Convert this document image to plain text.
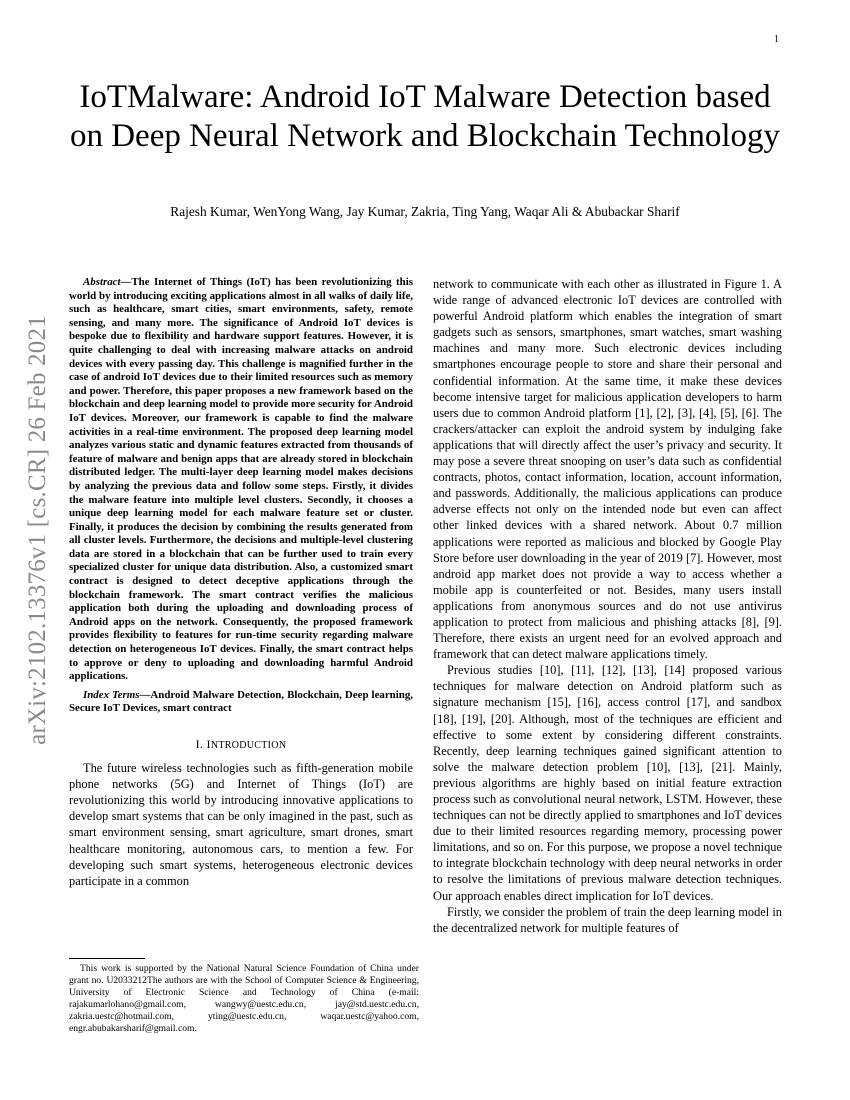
1
arXiv:2102.13376v1 [cs.CR] 26 Feb 2021
IoTMalware: Android IoT Malware Detection based on Deep Neural Network and Blockchain Technology
Rajesh Kumar, WenYong Wang, Jay Kumar, Zakria, Ting Yang, Waqar Ali & Abubackar Sharif

Abstract—The Internet of Things (IoT) has been revolutionizing this world by introducing exciting applications almost in all walks of daily life, such as healthcare, smart cities, smart environments, safety, remote sensing, and many more. The significance of Android IoT devices is bespoke due to flexibility and hardware support features. However, it is quite challenging to deal with increasing malware attacks on android devices with every passing day. This challenge is magnified further in the case of android IoT devices due to their limited resources such as memory and power. Therefore, this paper proposes a new framework based on the blockchain and deep learning model to provide more security for Android IoT devices. Moreover, our framework is capable to find the malware activities in a real-time environment. The proposed deep learning model analyzes various static and dynamic features extracted from thousands of feature of malware and benign apps that are already stored in blockchain distributed ledger. The multi-layer deep learning model makes decisions by analyzing the previous data and follow some steps. Firstly, it divides the malware feature into multiple level clusters. Secondly, it chooses a unique deep learning model for each malware feature set or cluster. Finally, it produces the decision by combining the results generated from all cluster levels. Furthermore, the decisions and multiple-level clustering data are stored in a blockchain that can be further used to train every specialized cluster for unique data distribution. Also, a customized smart contract is designed to detect deceptive applications through the blockchain framework. The smart contract verifies the malicious application both during the uploading and downloading process of Android apps on the network. Consequently, the proposed framework provides flexibility to features for run-time security regarding malware detection on heterogeneous IoT devices. Finally, the smart contract helps to approve or deny to uploading and downloading harmful Android applications.

Index Terms—Android Malware Detection, Blockchain, Deep learning, Secure IoT Devices, smart contract

I. INTRODUCTION

The future wireless technologies such as fifth-generation mobile phone networks (5G) and Internet of Things (IoT) are revolutionizing this world by introducing innovative applications to develop smart systems that can be only imagined in the past, such as smart environment sensing, smart agriculture, smart drones, smart healthcare monitoring, autonomous cars, to mention a few. For developing such smart systems, heterogeneous electronic devices participate in a common

This work is supported by the National Natural Science Foundation of China under grant no. U2033212The authors are with the School of Computer Science & Engineering, University of Electronic Science and Technology of China (e-mail: rajakumarlohano@gmail.com, wangwy@uestc.edu.cn, jay@std.uestc.edu.cn, zakria.uestc@hotmail.com, yting@uestc.edu.cn, waqar.uestc@yahoo.com, engr.abubakarsharif@gmail.com.

network to communicate with each other as illustrated in Figure 1. A wide range of advanced electronic IoT devices are controlled with powerful Android platform which enables the integration of smart gadgets such as sensors, smartphones, smart watches, smart washing machines and many more. Such electronic devices including smartphones encourage people to store and share their personal and confidential information. At the same time, it make these devices become intensive target for malicious application developers to harm users due to common Android platform [1], [2], [3], [4], [5], [6]. The crackers/attacker can exploit the android system by indulging fake applications that will directly affect the user’s privacy and security. It may pose a severe threat snooping on user’s data such as confidential contracts, photos, contact information, location, account information, and passwords. Additionally, the malicious applications can produce adverse effects not only on the intended node but even can affect other linked devices with a shared network. About 0.7 million applications were reported as malicious and blocked by Google Play Store before user downloading in the year of 2019 [7]. However, most android app market does not provide a way to access whether a mobile app is counterfeited or not. Besides, many users install applications from anonymous sources and do not use antivirus application to protect from malicious and phishing attacks [8], [9]. Therefore, there exists an urgent need for an evolved approach and framework that can detect malware applications timely.

Previous studies [10], [11], [12], [13], [14] proposed various techniques for malware detection on Android platform such as signature mechanism [15], [16], access control [17], and sandbox [18], [19], [20]. Although, most of the techniques are efficient and effective to some extent by considering different constraints. Recently, deep learning techniques gained significant attention to solve the malware detection problem [10], [13], [21]. Mainly, previous algorithms are highly based on initial feature extraction process such as convolutional neural network, LSTM. However, these techniques can not be directly applied to smartphones and IoT devices due to their limited resources regarding memory, processing power limitations, and so on. For this purpose, we propose a novel technique to integrate blockchain technology with deep neural networks in order to resolve the limitations of previous malware detection techniques. Our approach enables direct implication for IoT devices.

Firstly, we consider the problem of train the deep learning model in the decentralized network for multiple features of
